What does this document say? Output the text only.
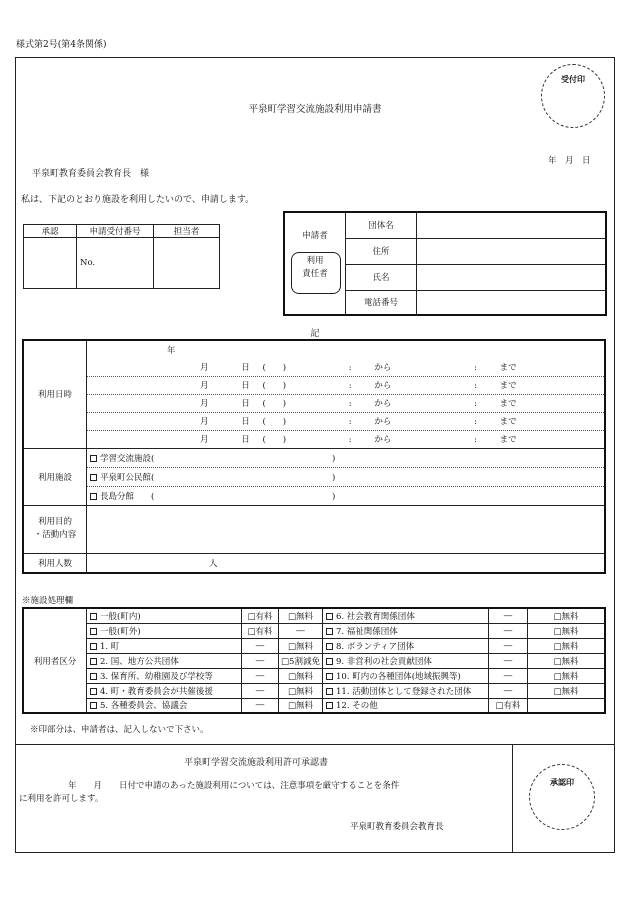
様式第2号(第4条関係)
受付印
平泉町学習交流施設利用申請書
年　月　日
平泉町教育委員会教育長　様
私は、下記のとおり施設を利用したいので、申請します。
承認	申請受付番号	担当者
	No.	
申請者
利用
責任者	団体名	
	住所	
	氏名	
	電話番号	
記
利用日時	年
	月 日 (　　) : から : まで
	月 日 (　　) : から : まで
	月 日 (　　) : から : まで
	月 日 (　　) : から : まで
	月 日 (　　) : から : まで
利用施設	学習交流施設( )
	平泉町公民館( )
	長島分館　　( )
利用目的
・活動内容	
利用人数	人
※施設処理欄
利用者区分	一般(町内)	□有料	□無料	6. 社会教育関係団体	―	□無料
	一般(町外)	□有料	―	7. 福祉関係団体	―	□無料
	1. 町	―	□無料	8. ボランティア団体	―	□無料
	2. 国、地方公共団体	―	□5割減免	9. 非営利の社会貢献団体	―	□無料
	3. 保育所、幼稚園及び学校等	―	□無料	10. 町内の各種団体(地域振興等)	―	□無料
	4. 町・教育委員会が共催後援	―	□無料	11. 活動団体として登録された団体	―	□無料
	5. 各種委員会、協議会	―	□無料	12. その他	□有料	
※印部分は、申請者は、記入しないで下さい。
平泉町学習交流施設利用許可承認書
年　　月　　日付で申請のあった施設利用については、注意事項を厳守することを条件
に利用を許可します。
平泉町教育委員会教育長
承認印
